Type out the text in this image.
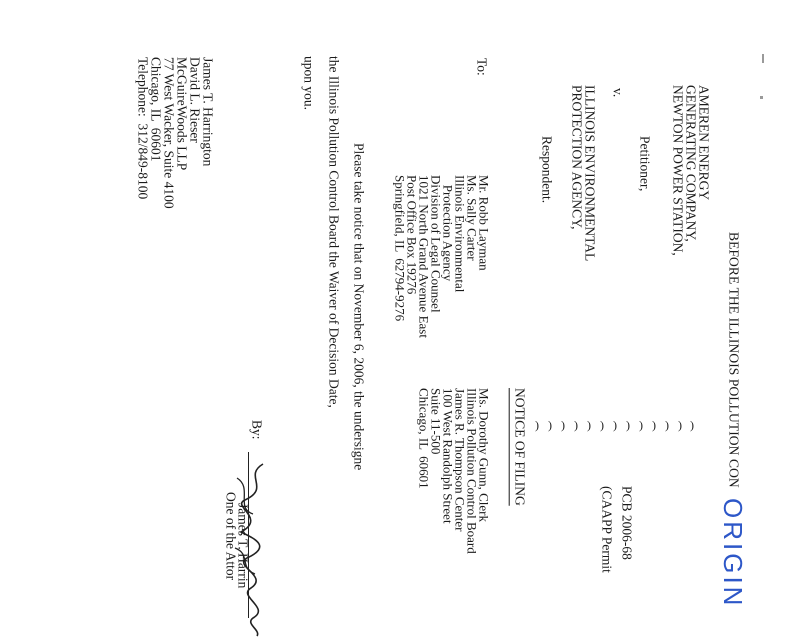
BEFORE THE ILLINOIS POLLUTION CON
ORIGIN
AMEREN ENERGY
GENERATING COMPANY,
NEWTON POWER STATION,
Petitioner,
v.
ILLINOIS ENVIRONMENTAL
PROTECTION AGENCY,
Respondent.
)
)
)
)
)
)
)
)
)
)
)
)
)
PCB 2006-68
(CAAPP Permit
NOTICE OF FILING
To:
Mr. Robb Layman
Ms. Sally Carter
Illinois Environmental
Protection Agency
Division of Legal Counsel
1021 North Grand Avenue East
Post Office Box 19276
Springfield, IL  62794-9276
Ms. Dorothy Gunn, Clerk
Illinois Pollution Control Board
James R. Thompson Center
100 West Randolph Street
Suite 11-500
Chicago, IL  60601
Please take notice that on November 6, 2006, the undersigne
the Illinois Pollution Control Board the Waiver of Decision Date,
upon you.
By:
James T. Harrin
One of the Attor
James T. Harrington
David L. Rieser
McGuireWoods LLP
77 West Wacker, Suite 4100
Chicago, IL  60601
Telephone:  312/849-8100
